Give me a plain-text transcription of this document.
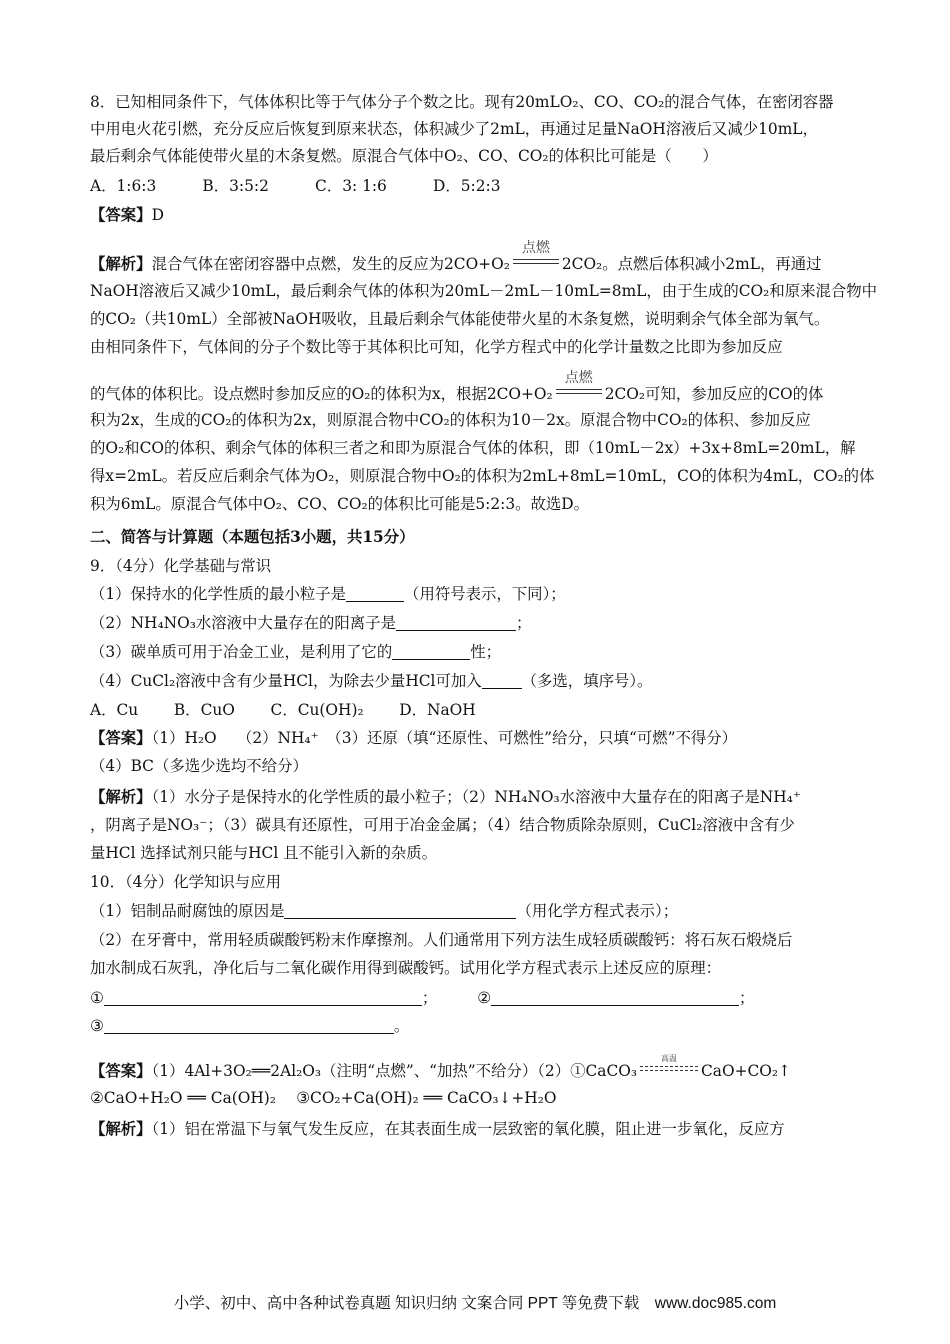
8．已知相同条件下，气体体积比等于气体分子个数之比。现有20mLO₂、CO、CO₂的混合气体，在密闭容器
中用电火花引燃，充分反应后恢复到原来状态，体积减少了2mL，再通过足量NaOH溶液后又减少10mL，
最后剩余气体能使带火星的木条复燃。原混合气体中O₂、CO、CO₂的体积比可能是（　　）
A．1:6:3　　　B．3:5:2　　　C．3: 1:6　　　D．5:2:3
【答案】D
【解析】混合气体在密闭容器中点燃，发生的反应为2CO+O₂
点燃
2CO₂。点燃后体积减小2mL，再通过
NaOH溶液后又减少10mL，最后剩余气体的体积为20mL－2mL－10mL=8mL，由于生成的CO₂和原来混合物中
的CO₂（共10mL）全部被NaOH吸收，且最后剩余气体能使带火星的木条复燃，说明剩余气体全部为氧气。
由相同条件下，气体间的分子个数比等于其体积比可知，化学方程式中的化学计量数之比即为参加反应
的气体的体积比。设点燃时参加反应的O₂的体积为x，根据2CO+O₂
点燃
2CO₂可知，参加反应的CO的体
积为2x，生成的CO₂的体积为2x，则原混合物中CO₂的体积为10－2x。原混合物中CO₂的体积、参加反应
的O₂和CO的体积、剩余气体的体积三者之和即为原混合气体的体积，即（10mL－2x）+3x+8mL=20mL，解
得x=2mL。若反应后剩余气体为O₂，则原混合物中O₂的体积为2mL+8mL=10mL，CO的体积为4mL，CO₂的体
积为6mL。原混合气体中O₂、CO、CO₂的体积比可能是5:2:3。故选D。
二、简答与计算题（本题包括3小题，共15分）
9．（4分）化学基础与常识
（1）保持水的化学性质的最小粒子是	（用符号表示，下同）；
（2）NH₄NO₃水溶液中大量存在的阳离子是	；
（3）碳单质可用于冶金工业，是利用了它的	性；
（4）CuCl₂溶液中含有少量HCl，为除去少量HCl可加入	（多选，填序号）。
A．Cu　　 B．CuO　　 C．Cu(OH)₂　　 D．NaOH
【答案】（1）H₂O　 （2）NH₄⁺　（3）还原（填“还原性、可燃性”给分，只填“可燃”不得分）
（4）BC（多选少选均不给分）
【解析】（1）水分子是保持水的化学性质的最小粒子；（2）NH₄NO₃水溶液中大量存在的阳离子是NH₄⁺
，阴离子是NO₃⁻；（3）碳具有还原性，可用于冶金金属；（4）结合物质除杂原则，CuCl₂溶液中含有少
量HCl 选择试剂只能与HCl 且不能引入新的杂质。
10．（4分）化学知识与应用
（1）铝制品耐腐蚀的原因是	（用化学方程式表示）；
（2）在牙膏中，常用轻质碳酸钙粉末作摩擦剂。人们通常用下列方法生成轻质碳酸钙：将石灰石煅烧后
加水制成石灰乳，净化后与二氧化碳作用得到碳酸钙。试用化学方程式表示上述反应的原理：
①	；	②	；
③	。
【答案】（1）4Al+3O₂══2Al₂O₃（注明“点燃”、“加热”不给分）（2）①CaCO₃
高温
CaO+CO₂↑
②CaO+H₂O ══ Ca(OH)₂　 ③CO₂+Ca(OH)₂ ══ CaCO₃↓+H₂O
【解析】（1）铝在常温下与氧气发生反应，在其表面生成一层致密的氧化膜，阻止进一步氧化，反应方
小学、初中、高中各种试卷真题 知识归纳 文案合同 PPT 等免费下载　www.doc985.com
